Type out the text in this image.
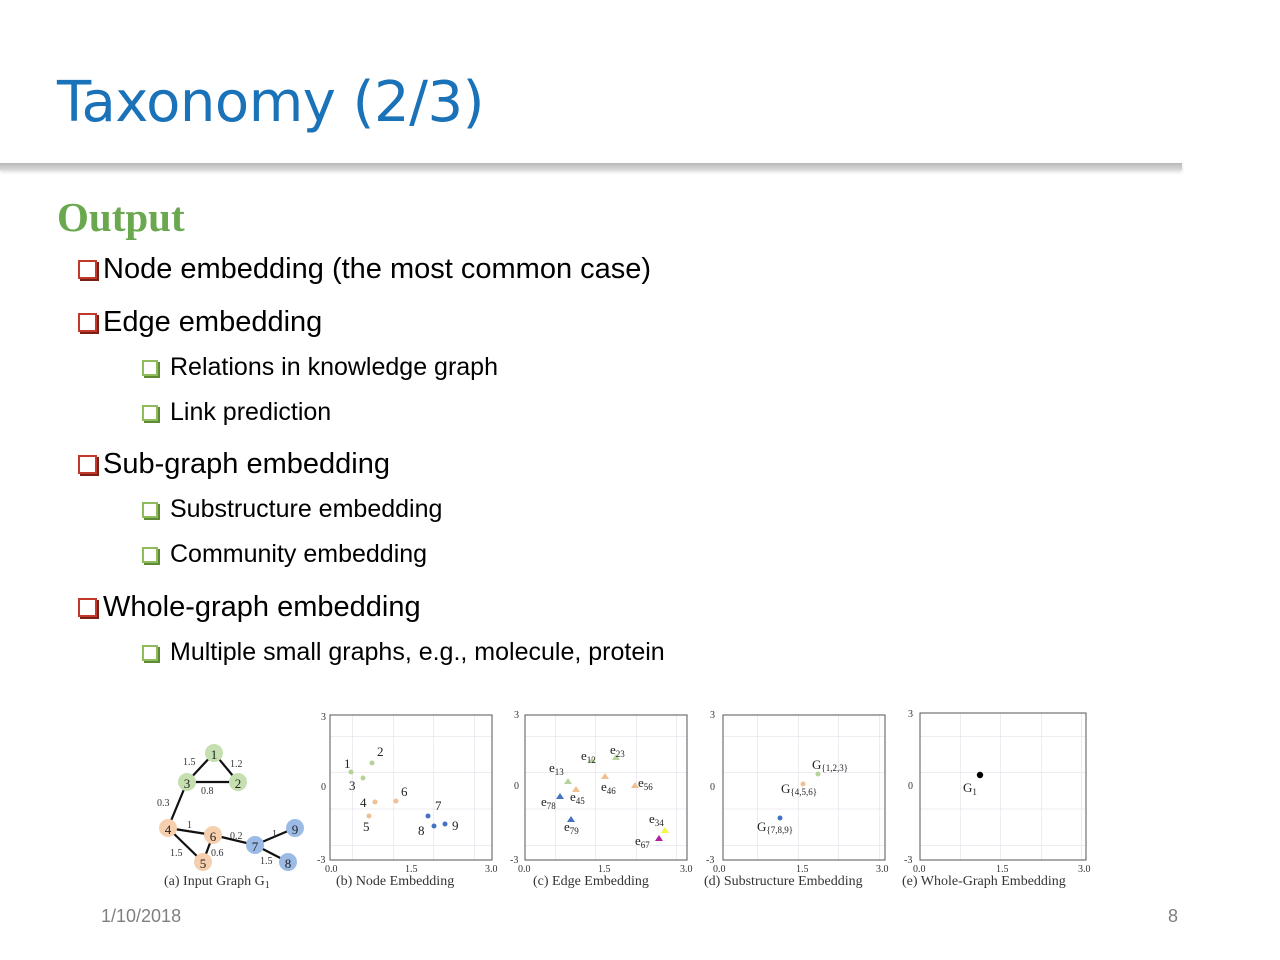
Taxonomy (2/3)
Output
Node embedding (the most common case)
Edge embedding
Relations in knowledge graph
Link prediction
Sub-graph embedding
Substructure embedding
Community embedding
Whole-graph embedding
Multiple small graphs, e.g., molecule, protein
1
2
3
4
5
6
7
8
9
1.5	1.2
0.8
0.3
1
1.5	0.6
0.2	1
1.5
(a) Input Graph $G_1$
3
0
-3
0.0	1.5	3.0
1
2
3
4
5
6
7
8 9
(b) Node Embedding
3
0
-3
0.0	1.5	3.0
$e_{12}$
$e_{23}$
$e_{13}$
$e_{56}$
$e_{46}$
$e_{45}$
$e_{78}$
$e_{79}$
$e_{34}$
$e_{67}$
(c) Edge Embedding
3
0
-3
0.0	1.5	3.0
G{1,2,3}
G{4,5,6}
G{7,8,9}
(d) Substructure Embedding
3
0
-3
0.0	1.5	3.0
$G_1$
(e) Whole-Graph Embedding
1/10/2018	8
